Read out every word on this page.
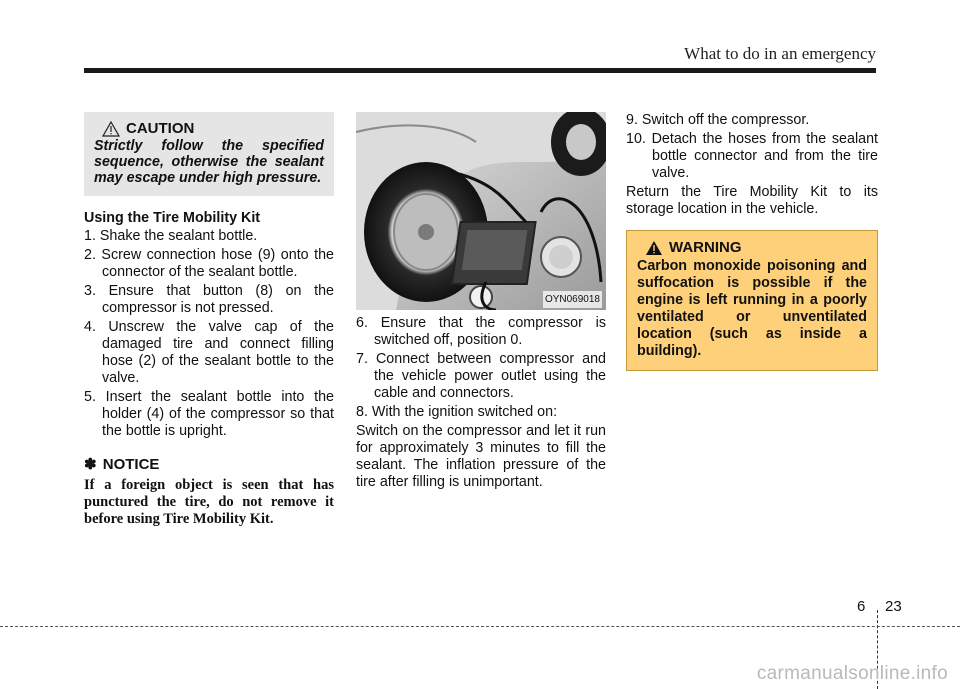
What to do in an emergency
CAUTION
Strictly follow the specified sequence, otherwise the sealant may escape under high pressure.
Using the Tire Mobility Kit
1. Shake the sealant bottle.
2. Screw connection hose (9) onto the connector of the sealant bottle.
3. Ensure that button (8) on the compressor is not pressed.
4. Unscrew the valve cap of the damaged tire and connect filling hose (2) of the sealant bottle to the valve.
5. Insert the sealant bottle into the holder (4) of the compressor so that the bottle is upright.
✽ NOTICE
If a foreign object is seen that has punctured the tire, do not remove it before using Tire Mobility Kit.
OYN069018
6. Ensure that the compressor is switched off, position 0.
7. Connect between compressor and the vehicle power outlet using the cable and connectors.
8. With the ignition switched on:
Switch on the compressor and let it run for approximately 3 minutes to fill the sealant. The inflation pressure of the tire after filling is unimportant.
9. Switch off the compressor.
10. Detach the hoses from the sealant bottle connector and from the tire valve.
Return the Tire Mobility Kit to its storage location in the vehicle.
WARNING
Carbon monoxide poisoning and suffocation is possible if the engine is left running in a poorly ventilated or unventilated location (such as inside a building).
6 23
carmanualsonline.info
